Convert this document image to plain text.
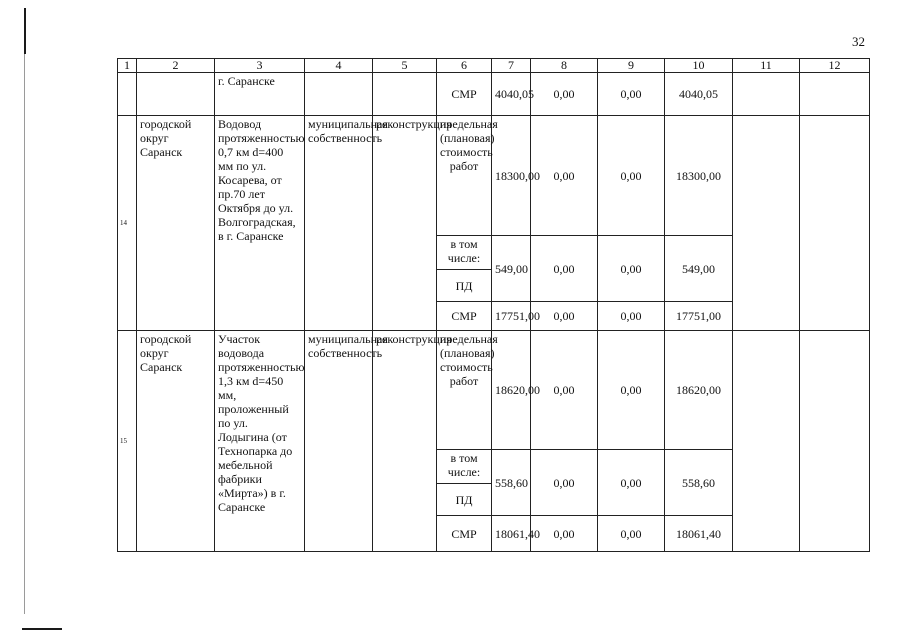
32
1	2	3	4	5	6	7	8	9	10	11	12
		г. Саранске			СМР	4040,05	0,00	0,00	4040,05		
14	городской округ Саранск	Водовод протяженностью 0,7 км d=400 мм по ул. Косарева, от пр.70 лет Октября до ул. Волгоградская, в г. Саранске	муниципальная собственность	реконструкция	предельная (плановая) стоимость работ	18300,00	0,00	0,00	18300,00		
					в том числе:	549,00	0,00	0,00	549,00		
					ПД						
					СМР	17751,00	0,00	0,00	17751,00		
15	городской округ Саранск	Участок водовода протяженностью 1,3 км d=450 мм, проложенный по ул. Лодыгина (от Технопарка до мебельной фабрики «Мирта») в г. Саранске	муниципальная собственность	реконструкция	предельная (плановая) стоимость работ	18620,00	0,00	0,00	18620,00		
					в том числе:	558,60	0,00	0,00	558,60		
					ПД						
					СМР	18061,40	0,00	0,00	18061,40		
